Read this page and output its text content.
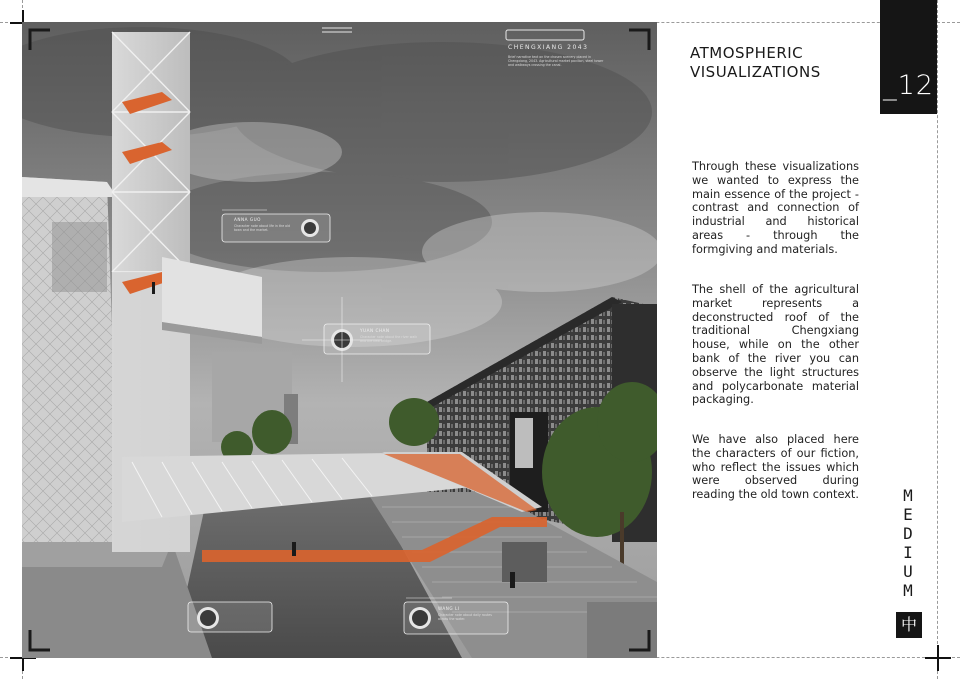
CHENGXIANG 2043
Brief narrative text on the chosen scenery placed in Chengxiang, 2043. Agricultural market pavilion, steel tower and walkways crossing the canal.
ANNA GUO
Character note about life in the old town and the market.
YUAN CHAN
Character note about the river walk and the new bridge.
WANG LI
Character note about daily routes across the water.
_12
ATMOSPHERIC
VISUALIZATIONS

Through these visualizations we wanted to express the main essence of the project - contrast and connection of industrial and historical areas - through the formgiving and materials.

The shell of the agricultural market represents a deconstructed roof of the traditional Chengxiang house, while on the other bank of the river you can observe the light structures and polycarbonate material packaging.

We have also placed here the characters of our fiction, who reflect the issues which were observed during reading the old town context.	M
E
D
I
U
M
中
